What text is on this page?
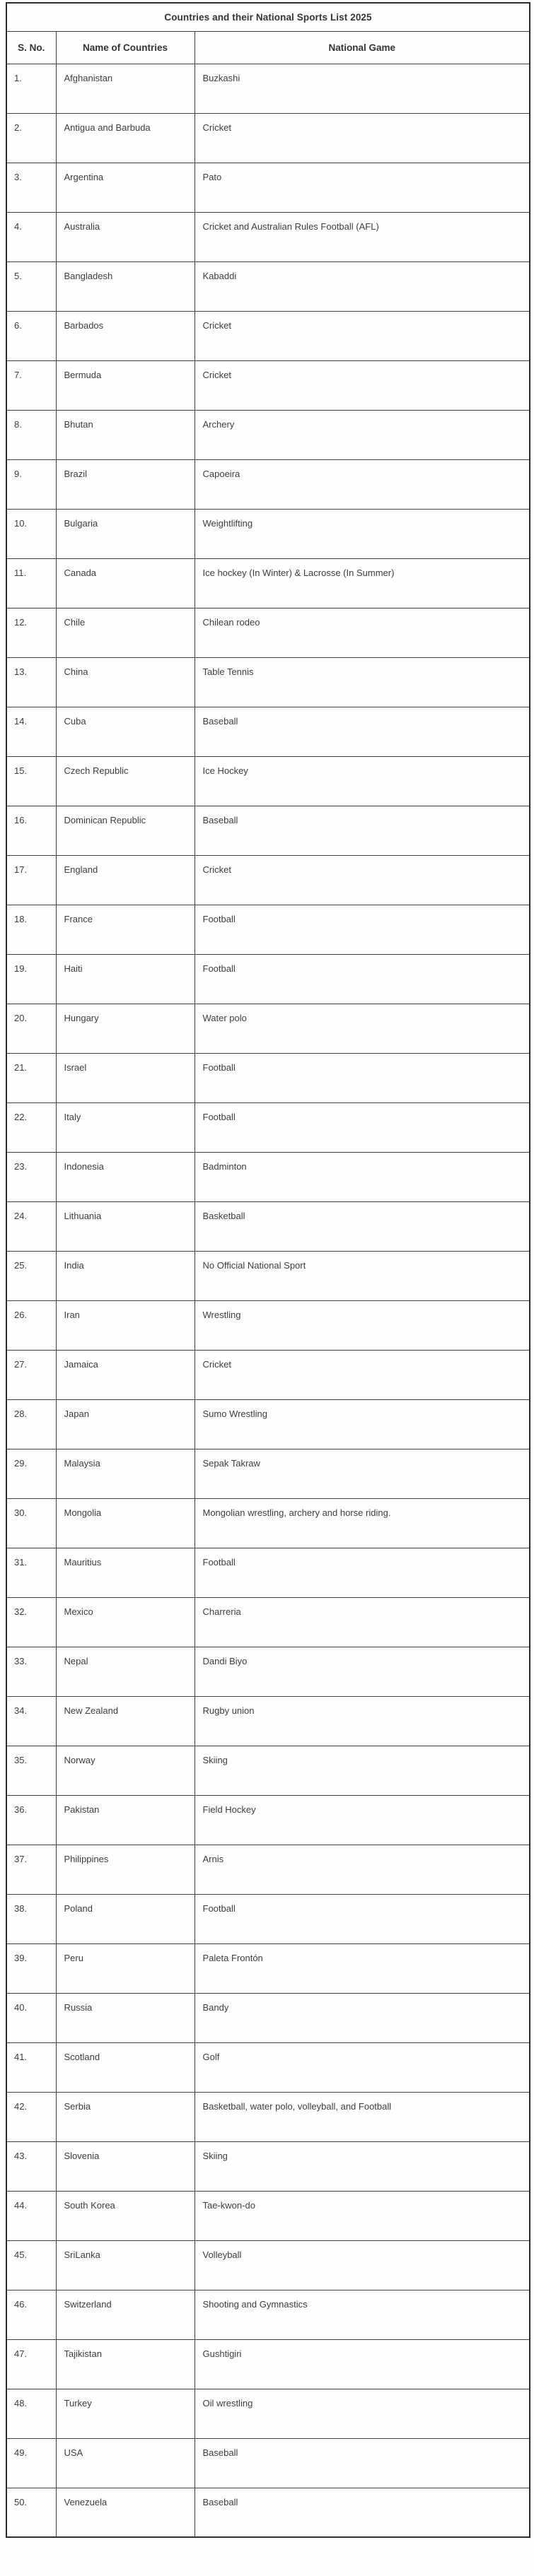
Countries and their National Sports List 2025		
S. No.	Name of Countries	National Game
1.	Afghanistan	Buzkashi
2.	Antigua and Barbuda	Cricket
3.	Argentina	Pato
4.	Australia	Cricket and Australian Rules Football (AFL)
5.	Bangladesh	Kabaddi
6.	Barbados	Cricket
7.	Bermuda	Cricket
8.	Bhutan	Archery
9.	Brazil	Capoeira
10.	Bulgaria	Weightlifting
11.	Canada	Ice hockey (In Winter) & Lacrosse (In Summer)
12.	Chile	Chilean rodeo
13.	China	Table Tennis
14.	Cuba	Baseball
15.	Czech Republic	Ice Hockey
16.	Dominican Republic	Baseball
17.	England	Cricket
18.	France	Football
19.	Haiti	Football
20.	Hungary	Water polo
21.	Israel	Football
22.	Italy	Football
23.	Indonesia	Badminton
24.	Lithuania	Basketball
25.	India	No Official National Sport
26.	Iran	Wrestling
27.	Jamaica	Cricket
28.	Japan	Sumo Wrestling
29.	Malaysia	Sepak Takraw
30.	Mongolia	Mongolian wrestling, archery and horse riding.
31.	Mauritius	Football
32.	Mexico	Charreria
33.	Nepal	Dandi Biyo
34.	New Zealand	Rugby union
35.	Norway	Skiing
36.	Pakistan	Field Hockey
37.	Philippines	Arnis
38.	Poland	Football
39.	Peru	Paleta Frontón
40.	Russia	Bandy
41.	Scotland	Golf
42.	Serbia	Basketball, water polo, volleyball, and Football
43.	Slovenia	Skiing
44.	South Korea	Tae-kwon-do
45.	SriLanka	Volleyball
46.	Switzerland	Shooting and Gymnastics
47.	Tajikistan	Gushtigiri
48.	Turkey	Oil wrestling
49.	USA	Baseball
50.	Venezuela	Baseball
